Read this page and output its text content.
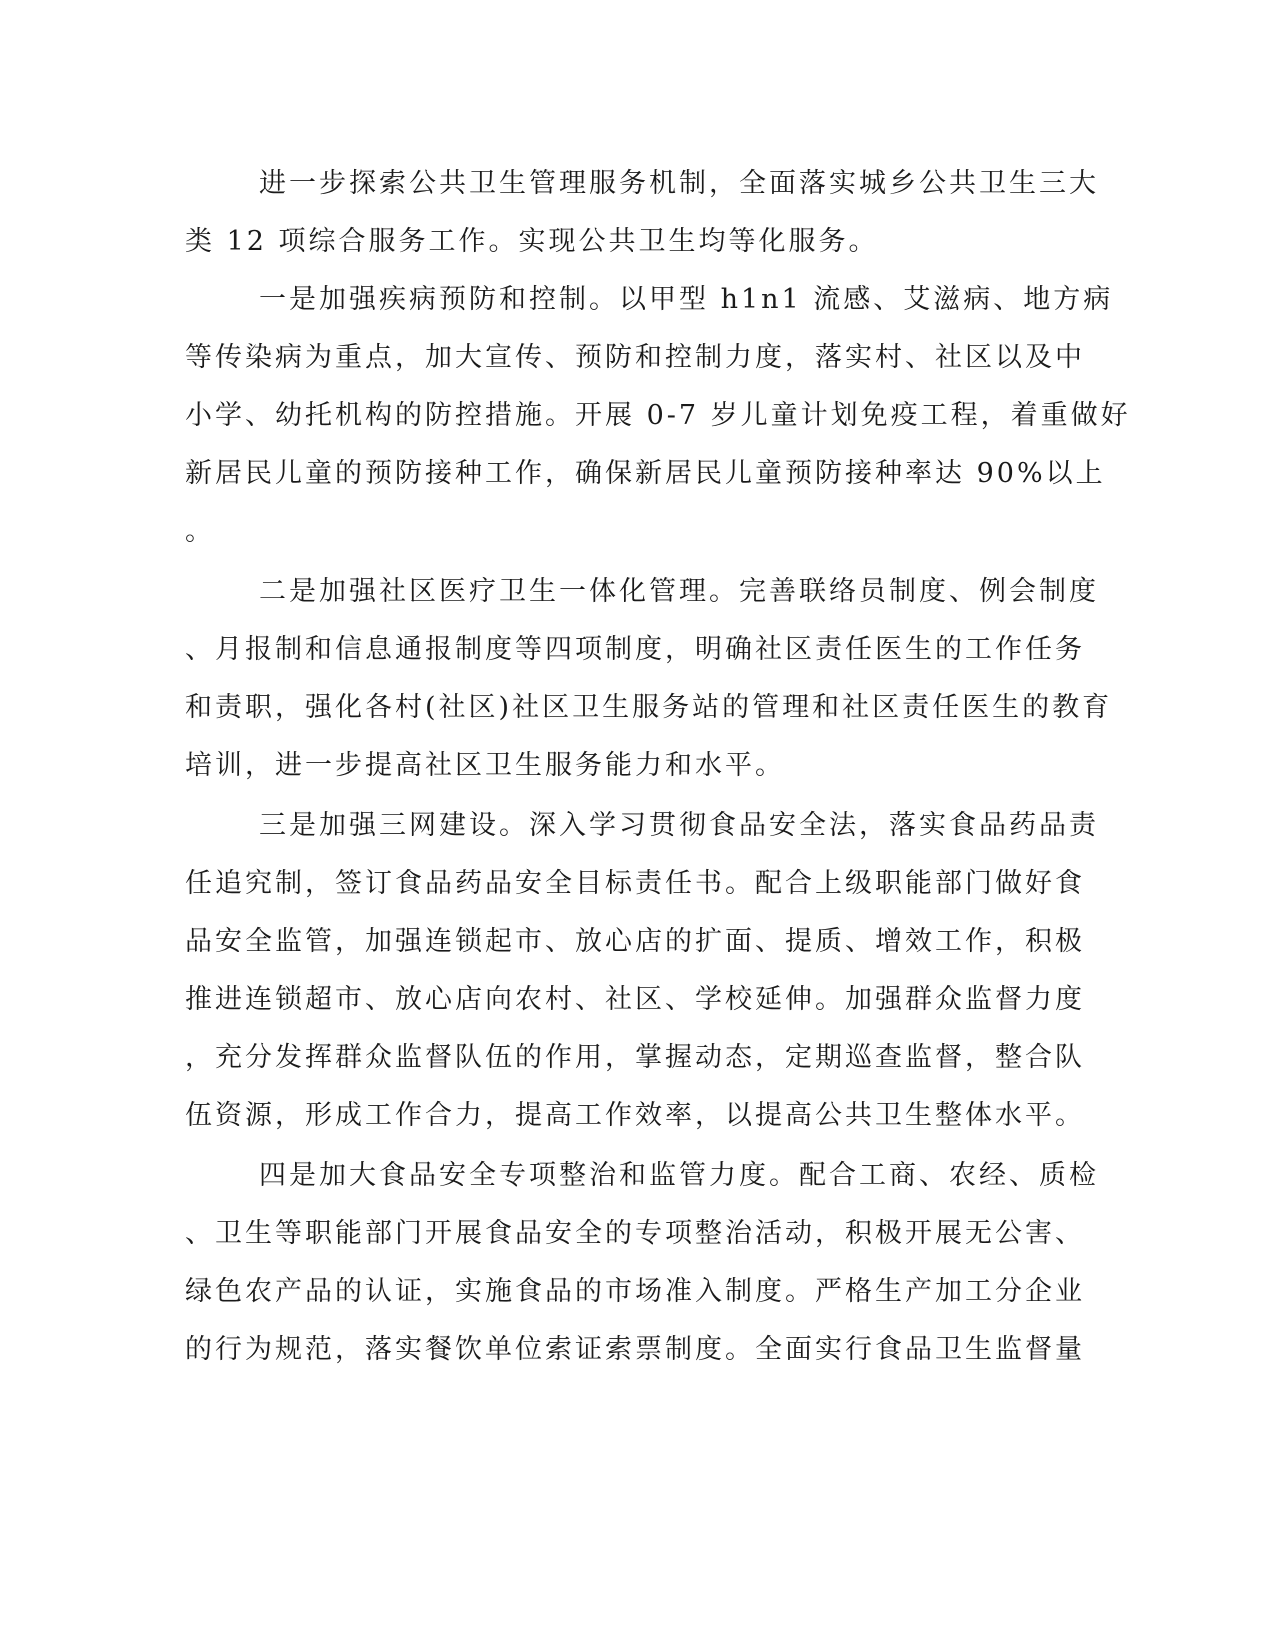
进一步探索公共卫生管理服务机制，全面落实城乡公共卫生三大

类 12 项综合服务工作。实现公共卫生均等化服务。

一是加强疾病预防和控制。以甲型 h1n1 流感、艾滋病、地方病

等传染病为重点，加大宣传、预防和控制力度，落实村、社区以及中

小学、幼托机构的防控措施。开展 0-7 岁儿童计划免疫工程，着重做好

新居民儿童的预防接种工作，确保新居民儿童预防接种率达 90%以上

。

二是加强社区医疗卫生一体化管理。完善联络员制度、例会制度

、月报制和信息通报制度等四项制度，明确社区责任医生的工作任务

和责职，强化各村(社区)社区卫生服务站的管理和社区责任医生的教育

培训，进一步提高社区卫生服务能力和水平。

三是加强三网建设。深入学习贯彻食品安全法，落实食品药品责

任追究制，签订食品药品安全目标责任书。配合上级职能部门做好食

品安全监管，加强连锁起市、放心店的扩面、提质、增效工作，积极

推进连锁超市、放心店向农村、社区、学校延伸。加强群众监督力度

，充分发挥群众监督队伍的作用，掌握动态，定期巡查监督，整合队

伍资源，形成工作合力，提高工作效率，以提高公共卫生整体水平。

四是加大食品安全专项整治和监管力度。配合工商、农经、质检

、卫生等职能部门开展食品安全的专项整治活动，积极开展无公害、

绿色农产品的认证，实施食品的市场准入制度。严格生产加工分企业

的行为规范，落实餐饮单位索证索票制度。全面实行食品卫生监督量
